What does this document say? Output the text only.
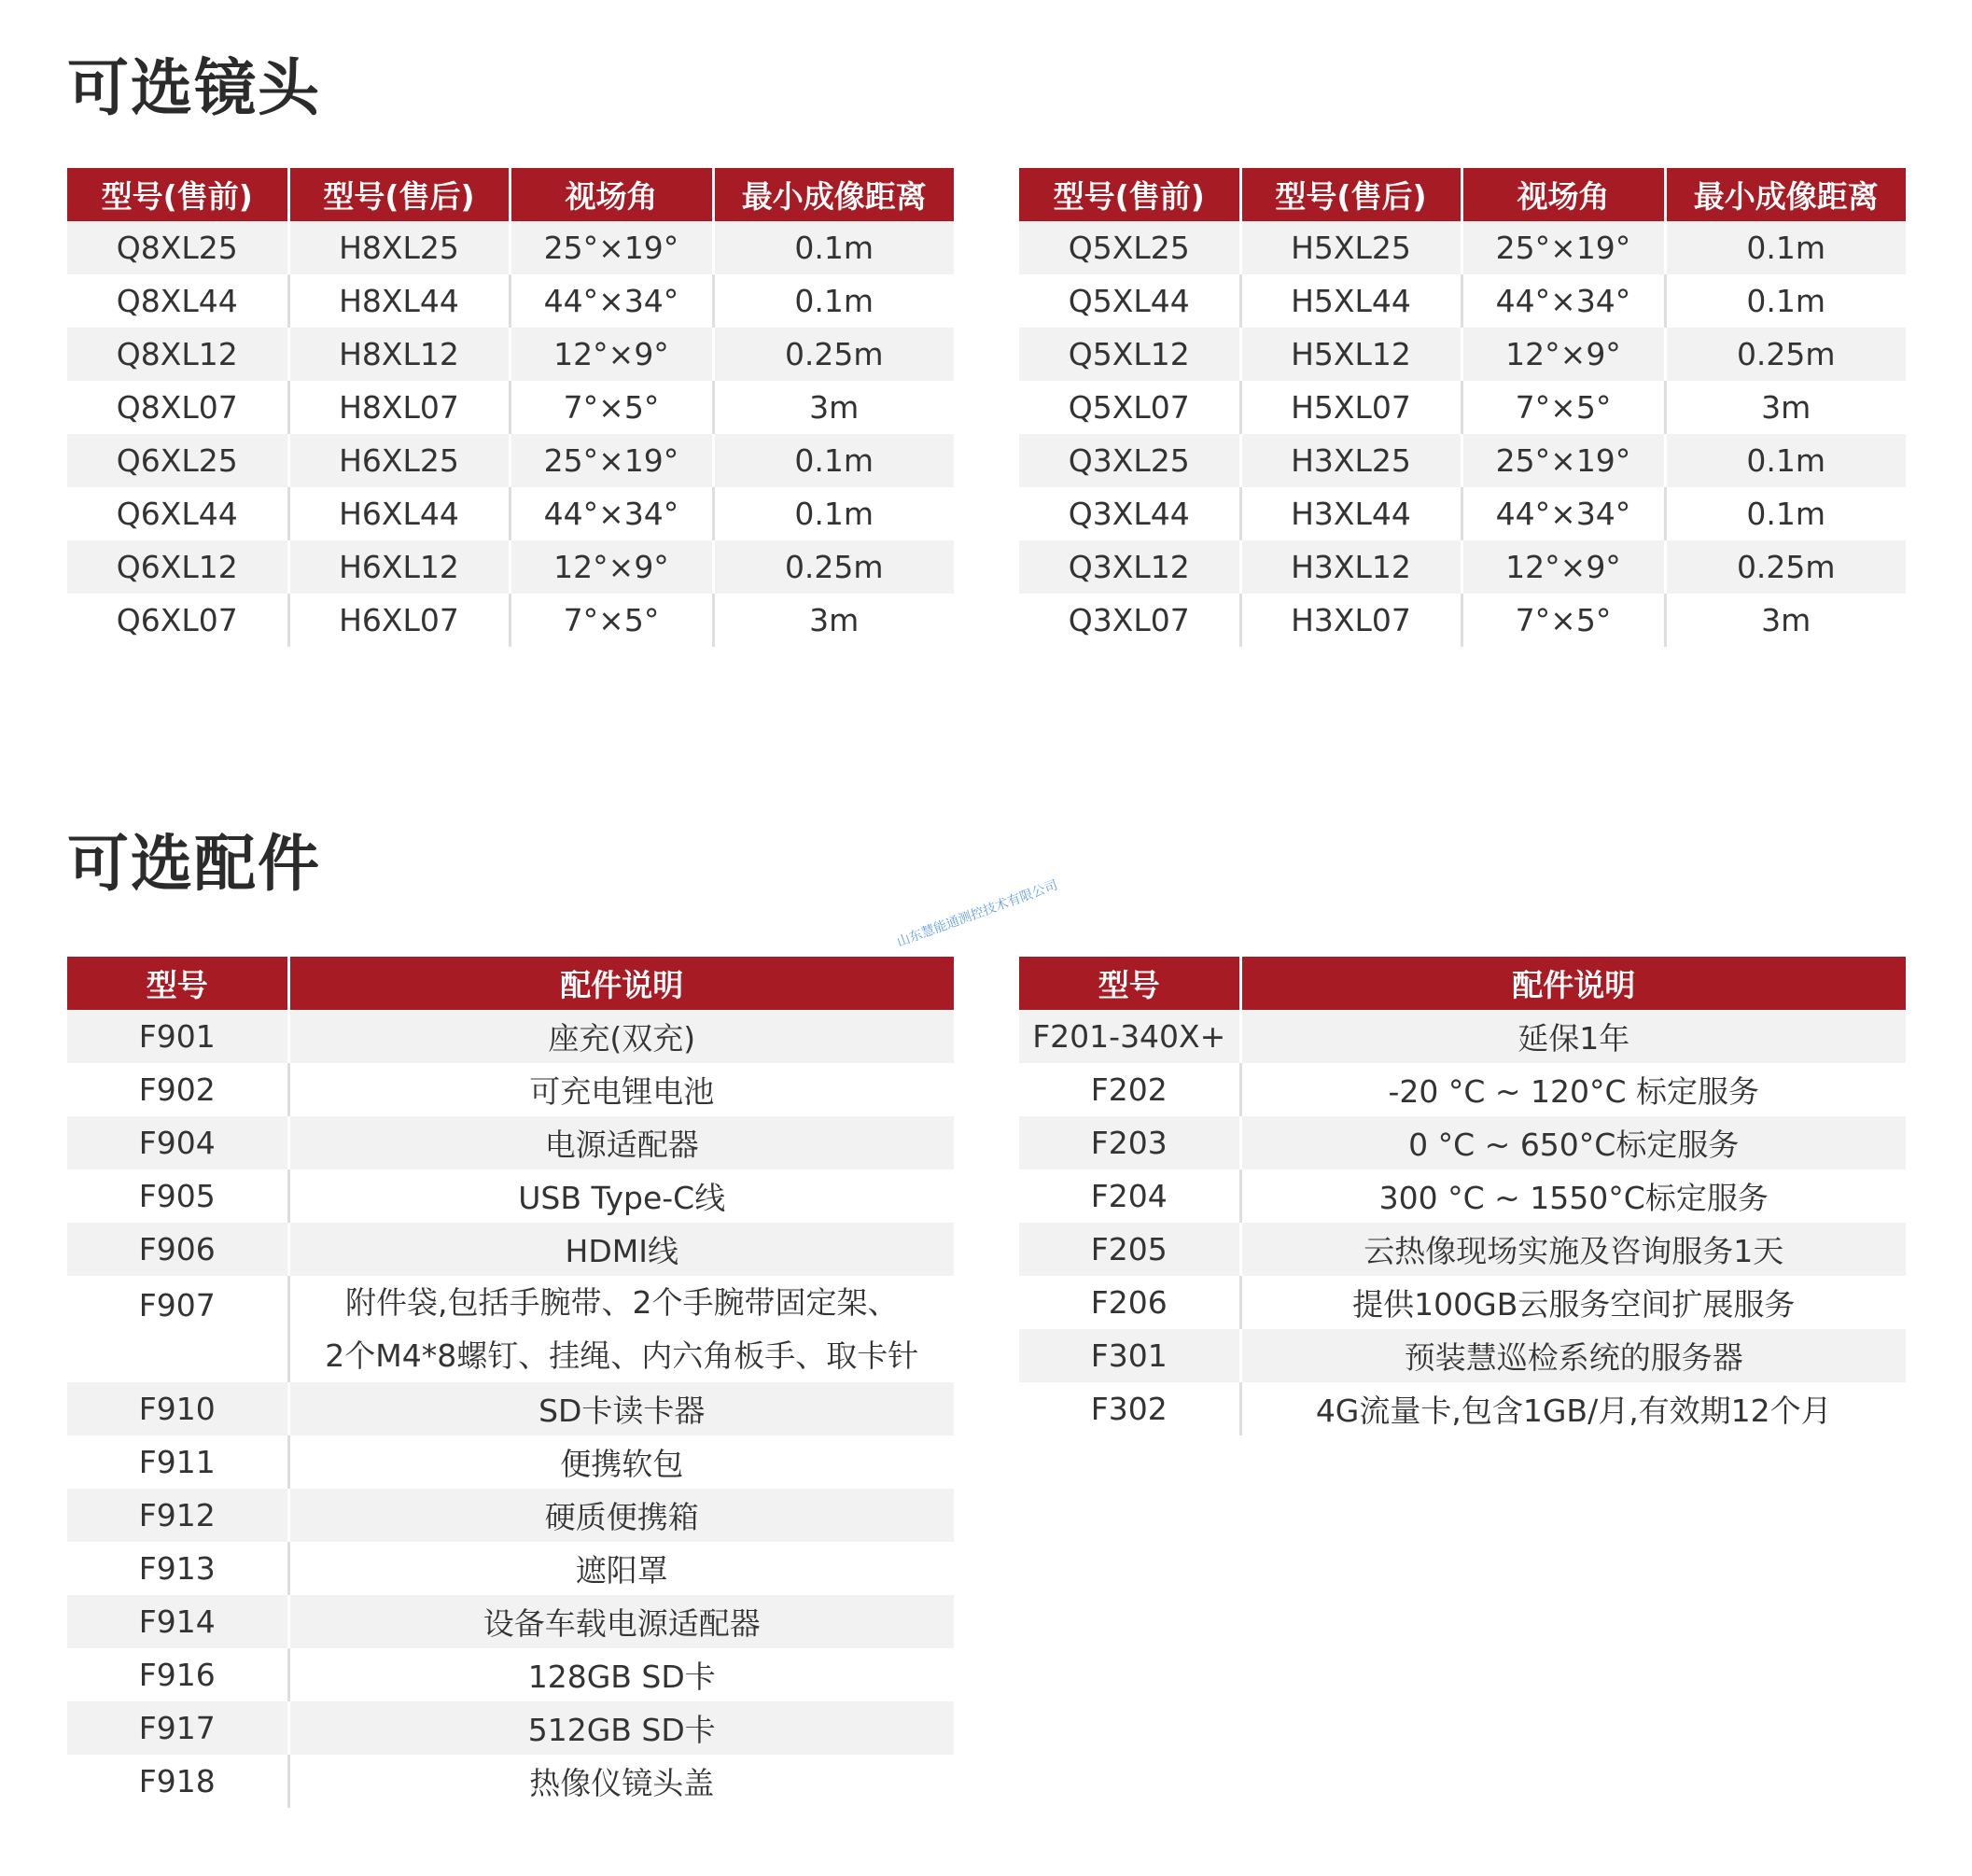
可选镜头
型号(售前)	型号(售后)	视场角	最小成像距离
Q8XL25	H8XL25	25°×19°	0.1m
Q8XL44	H8XL44	44°×34°	0.1m
Q8XL12	H8XL12	12°×9°	0.25m
Q8XL07	H8XL07	7°×5°	3m
Q6XL25	H6XL25	25°×19°	0.1m
Q6XL44	H6XL44	44°×34°	0.1m
Q6XL12	H6XL12	12°×9°	0.25m
Q6XL07	H6XL07	7°×5°	3m
型号(售前)	型号(售后)	视场角	最小成像距离
Q5XL25	H5XL25	25°×19°	0.1m
Q5XL44	H5XL44	44°×34°	0.1m
Q5XL12	H5XL12	12°×9°	0.25m
Q5XL07	H5XL07	7°×5°	3m
Q3XL25	H3XL25	25°×19°	0.1m
Q3XL44	H3XL44	44°×34°	0.1m
Q3XL12	H3XL12	12°×9°	0.25m
Q3XL07	H3XL07	7°×5°	3m
可选配件
山东慧能通测控技术有限公司
型号	配件说明
F901	座充(双充)
F902	可充电锂电池
F904	电源适配器
F905	USB Type-C线
F906	HDMI线
F907	附件袋,包括手腕带、2个手腕带固定架、
2个M4*8螺钉、挂绳、内六角板手、取卡针

F910	SD卡读卡器
F911	便携软包
F912	硬质便携箱
F913	遮阳罩
F914	设备车载电源适配器
F916	128GB SD卡
F917	512GB SD卡
F918	热像仪镜头盖
型号	配件说明
F201-340X+	延保1年
F202	-20 °C ~ 120°C 标定服务
F203	0 °C ~ 650°C标定服务
F204	300 °C ~ 1550°C标定服务
F205	云热像现场实施及咨询服务1天
F206	提供100GB云服务空间扩展服务
F301	预装慧巡检系统的服务器
F302	4G流量卡,包含1GB/月,有效期12个月
